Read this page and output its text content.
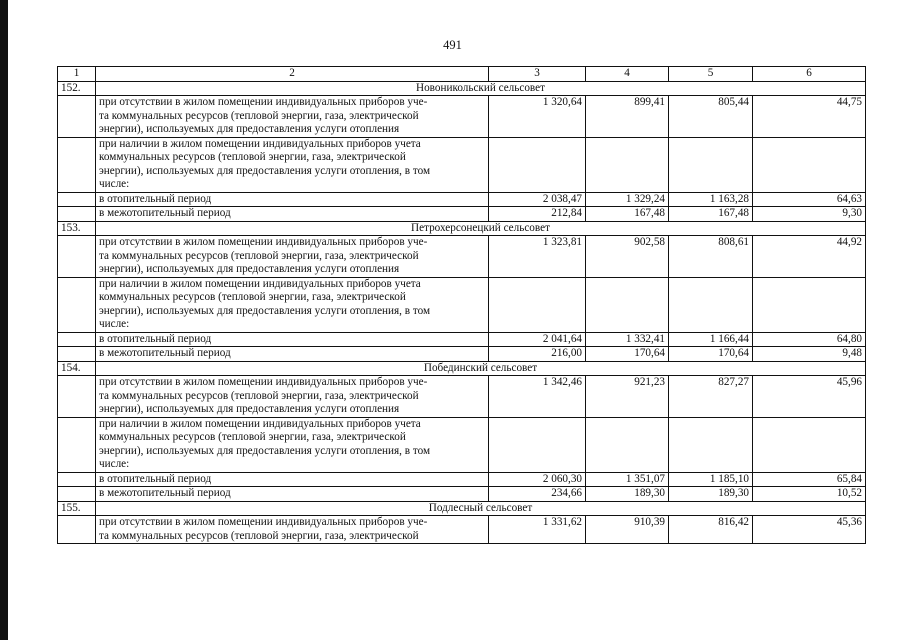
491
1	2	3	4	5	6
152.	Новоникольский сельсовет				

	при отсутствии в жилом помещении индивидуальных приборов уче-
та коммунальных ресурсов (тепловой энергии, газа, электрической
энергии), используемых для предоставления услуги отопления	1 320,64	899,41	805,44	44,75

	при наличии в жилом помещении индивидуальных приборов учета
коммунальных ресурсов (тепловой энергии, газа, электрической
энергии), используемых для предоставления услуги отопления, в том
числе:				

	в отопительный период	2 038,47	1 329,24	1 163,28	64,63

	в межотопительный период	212,84	167,48	167,48	9,30
153.	Петрохерсонецкий сельсовет				

	при отсутствии в жилом помещении индивидуальных приборов уче-
та коммунальных ресурсов (тепловой энергии, газа, электрической
энергии), используемых для предоставления услуги отопления	1 323,81	902,58	808,61	44,92

	при наличии в жилом помещении индивидуальных приборов учета
коммунальных ресурсов (тепловой энергии, газа, электрической
энергии), используемых для предоставления услуги отопления, в том
числе:				

	в отопительный период	2 041,64	1 332,41	1 166,44	64,80

	в межотопительный период	216,00	170,64	170,64	9,48
154.	Побединский сельсовет				

	при отсутствии в жилом помещении индивидуальных приборов уче-
та коммунальных ресурсов (тепловой энергии, газа, электрической
энергии), используемых для предоставления услуги отопления	1 342,46	921,23	827,27	45,96

	при наличии в жилом помещении индивидуальных приборов учета
коммунальных ресурсов (тепловой энергии, газа, электрической
энергии), используемых для предоставления услуги отопления, в том
числе:				

	в отопительный период	2 060,30	1 351,07	1 185,10	65,84

	в межотопительный период	234,66	189,30	189,30	10,52
155.	Подлесный сельсовет				

	при отсутствии в жилом помещении индивидуальных приборов уче-
та коммунальных ресурсов (тепловой энергии, газа, электрической	1 331,62	910,39	816,42	45,36
